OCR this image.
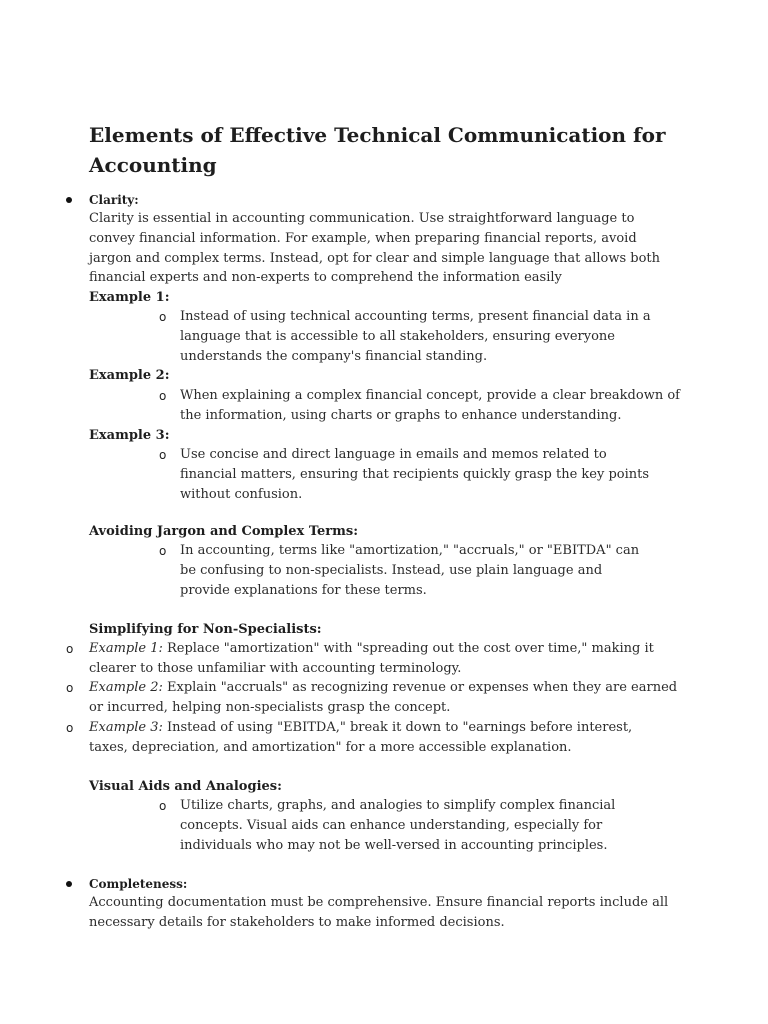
Elements of Effective Technical Communication for Accounting
Clarity:
Clarity is essential in accounting communication. Use straightforward language to convey financial information. For example, when preparing financial reports, avoid jargon and complex terms. Instead, opt for clear and simple language that allows both financial experts and non-experts to comprehend the information easily
Example 1:
o Instead of using technical accounting terms, present financial data in a language that is accessible to all stakeholders, ensuring everyone understands the company's financial standing.
Example 2:
o When explaining a complex financial concept, provide a clear breakdown of the information, using charts or graphs to enhance understanding.
Example 3:
o Use concise and direct language in emails and memos related to financial matters, ensuring that recipients quickly grasp the key points without confusion.
Avoiding Jargon and Complex Terms:
o In accounting, terms like "amortization," "accruals," or "EBITDA" can be confusing to non-specialists. Instead, use plain language and provide explanations for these terms.
Simplifying for Non-Specialists:
o Example 1: Replace "amortization" with "spreading out the cost over time," making it clearer to those unfamiliar with accounting terminology.
o Example 2: Explain "accruals" as recognizing revenue or expenses when they are earned or incurred, helping non-specialists grasp the concept.
o Example 3: Instead of using "EBITDA," break it down to "earnings before interest, taxes, depreciation, and amortization" for a more accessible explanation.
Visual Aids and Analogies:
o Utilize charts, graphs, and analogies to simplify complex financial concepts. Visual aids can enhance understanding, especially for individuals who may not be well-versed in accounting principles.
Completeness:
Accounting documentation must be comprehensive. Ensure financial reports include all necessary details for stakeholders to make informed decisions.
